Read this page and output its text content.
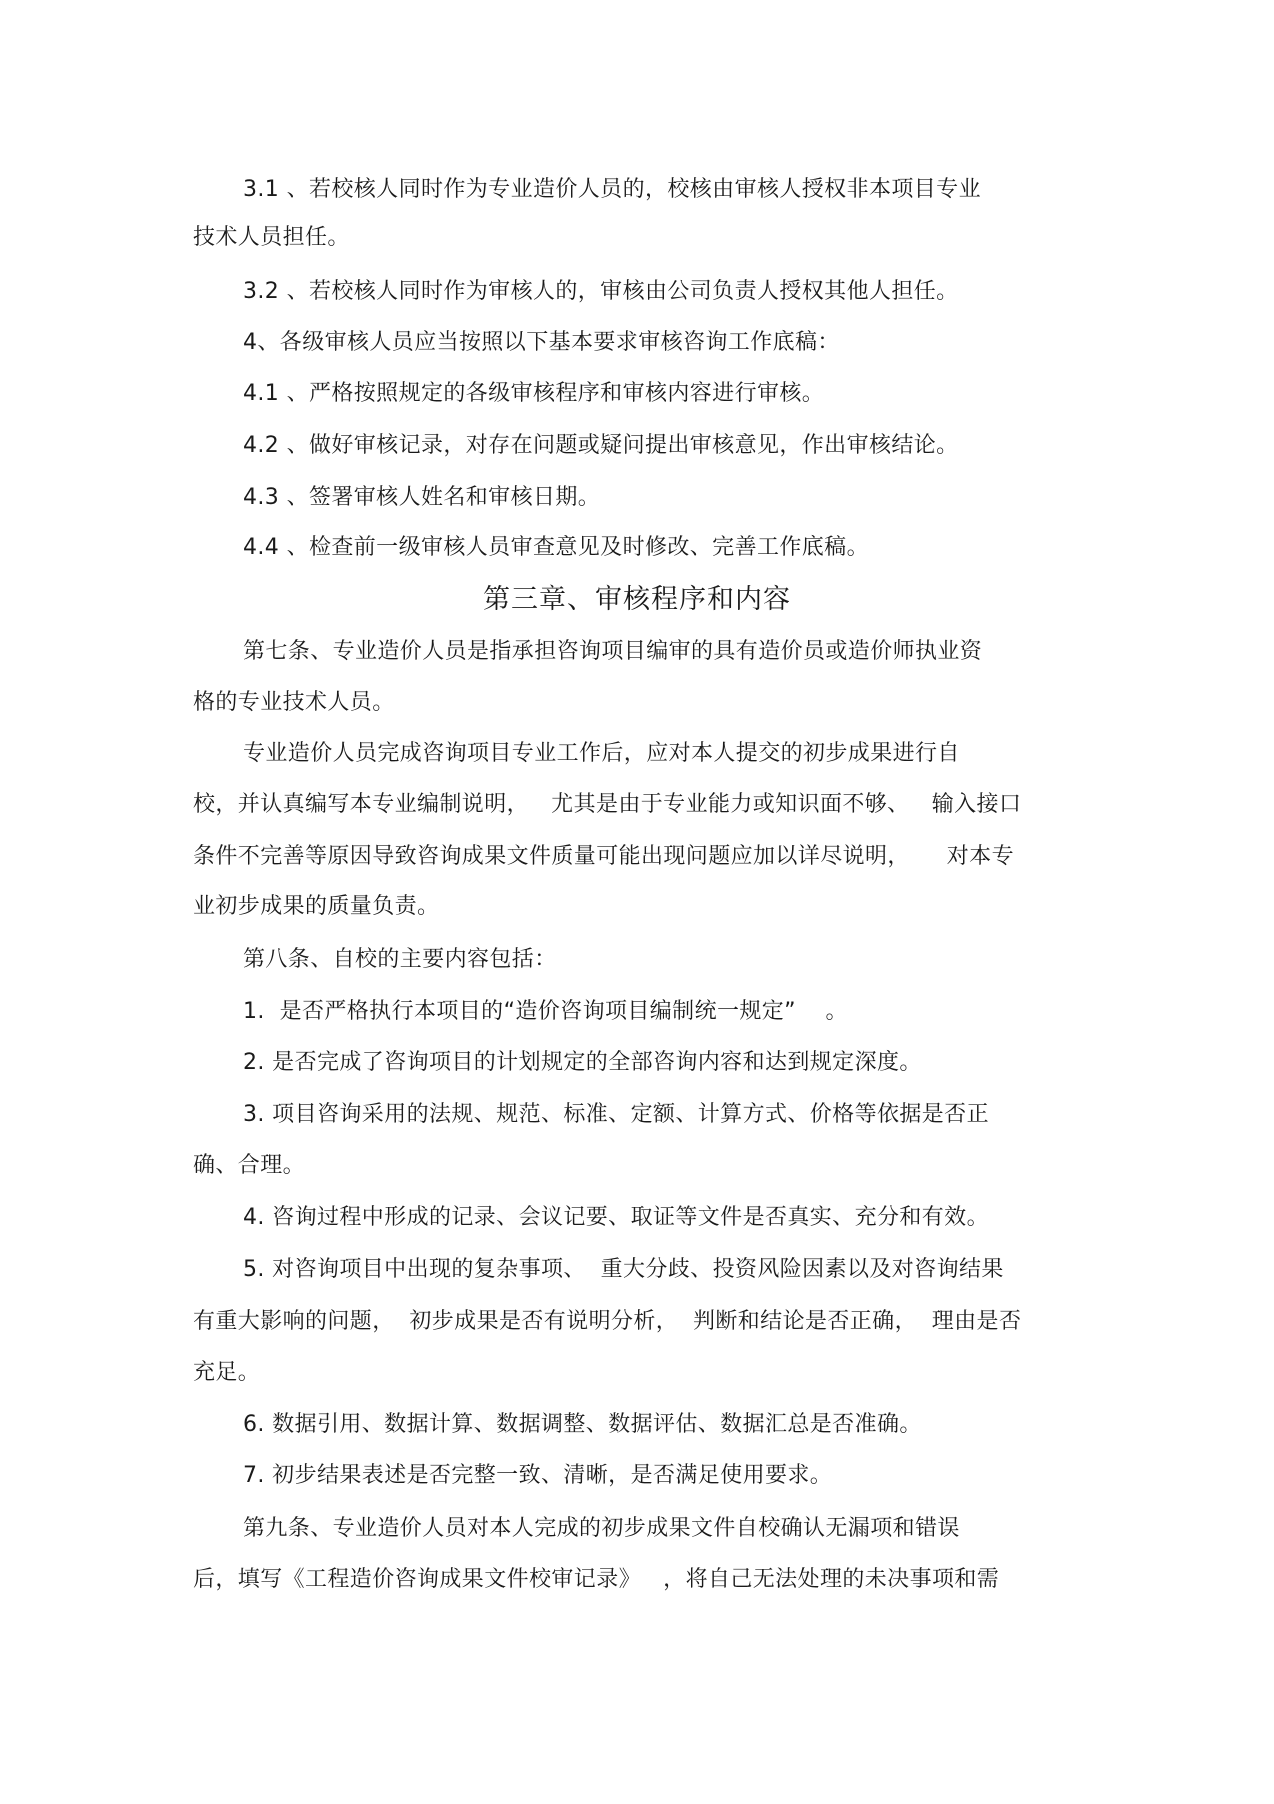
3.1 、若校核人同时作为专业造价人员的，校核由审核人授权非本项目专业
技术人员担任。
3.2 、若校核人同时作为审核人的，审核由公司负责人授权其他人担任。
4、各级审核人员应当按照以下基本要求审核咨询工作底稿：
4.1 、严格按照规定的各级审核程序和审核内容进行审核。
4.2 、做好审核记录，对存在问题或疑问提出审核意见，作出审核结论。
4.3 、签署审核人姓名和审核日期。
4.4 、检查前一级审核人员审查意见及时修改、完善工作底稿。
第三章、审核程序和内容
第七条、专业造价人员是指承担咨询项目编审的具有造价员或造价师执业资
格的专业技术人员。
专业造价人员完成咨询项目专业工作后，应对本人提交的初步成果进行自
校，并认真编写本专业编制说明，   尤其是由于专业能力或知识面不够、   输入接口
条件不完善等原因导致咨询成果文件质量可能出现问题应加以详尽说明，     对本专
业初步成果的质量负责。
第八条、自校的主要内容包括：
1.  是否严格执行本项目的“造价咨询项目编制统一规定”    。
2. 是否完成了咨询项目的计划规定的全部咨询内容和达到规定深度。
3. 项目咨询采用的法规、规范、标准、定额、计算方式、价格等依据是否正
确、合理。
4. 咨询过程中形成的记录、会议记要、取证等文件是否真实、充分和有效。
5. 对咨询项目中出现的复杂事项、  重大分歧、投资风险因素以及对咨询结果
有重大影响的问题，  初步成果是否有说明分析，  判断和结论是否正确，  理由是否
充足。
6. 数据引用、数据计算、数据调整、数据评估、数据汇总是否准确。
7. 初步结果表述是否完整一致、清晰，是否满足使用要求。
第九条、专业造价人员对本人完成的初步成果文件自校确认无漏项和错误
后，填写《工程造价咨询成果文件校审记录》   ，将自己无法处理的未决事项和需
